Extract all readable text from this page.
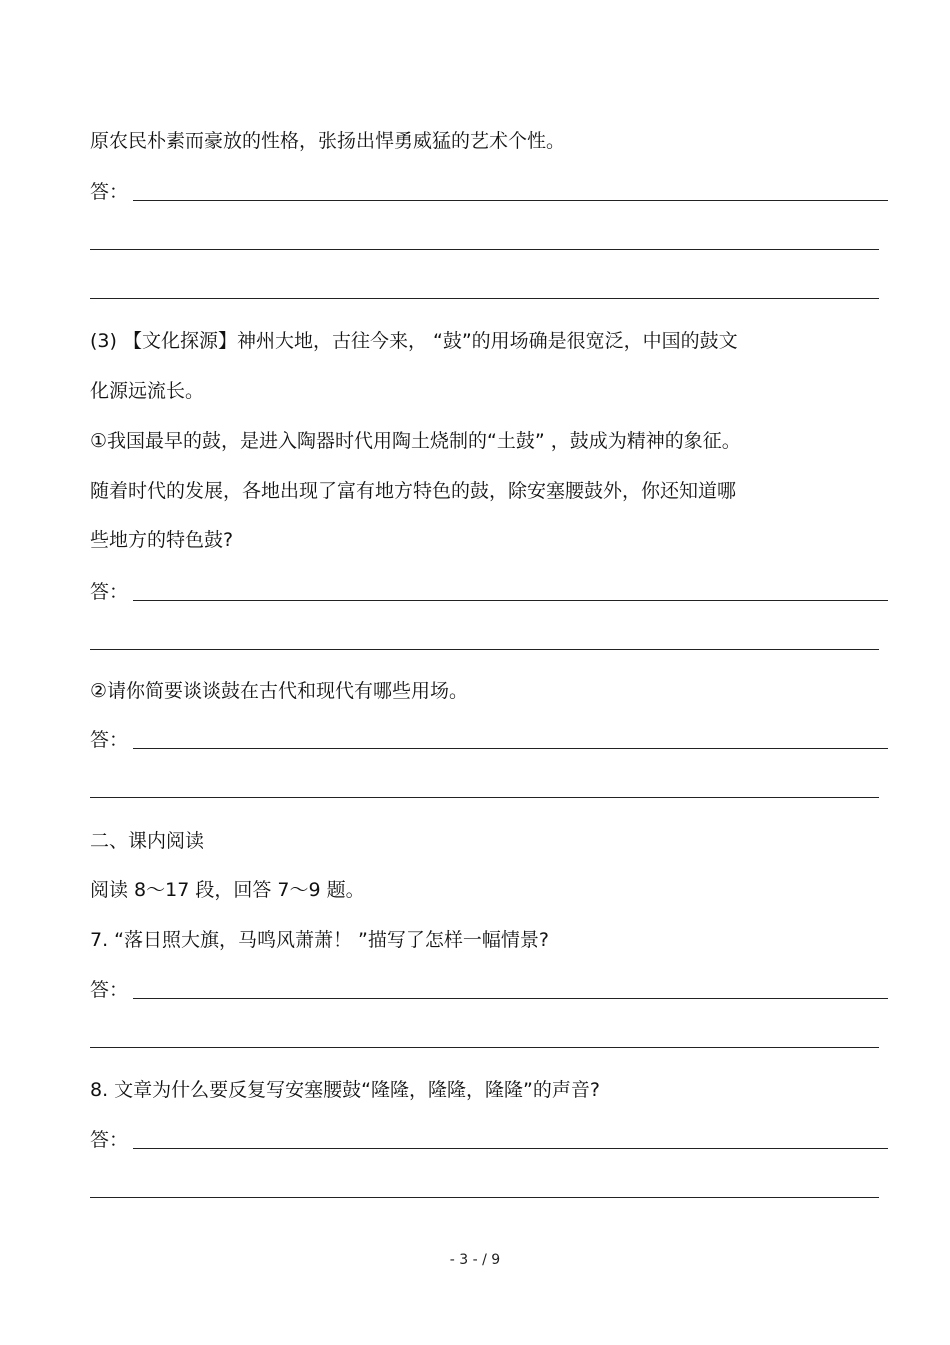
原农民朴素而豪放的性格，张扬出悍勇威猛的艺术个性。
答：
(3) 【文化探源】神州大地，古往今来， “鼓”的用场确是很宽泛，中国的鼓文
化源远流长。
①我国最早的鼓，是进入陶器时代用陶土烧制的“土鼓” ，鼓成为精神的象征。
随着时代的发展，各地出现了富有地方特色的鼓，除安塞腰鼓外，你还知道哪
些地方的特色鼓?
答：
②请你简要谈谈鼓在古代和现代有哪些用场。
答：
二、课内阅读
阅读 8～17 段，回答 7～9 题。
7. “落日照大旗，马鸣风萧萧！ ”描写了怎样一幅情景?
答：
8. 文章为什么要反复写安塞腰鼓“隆隆，隆隆，隆隆”的声音?
答：
- 3 - / 9
